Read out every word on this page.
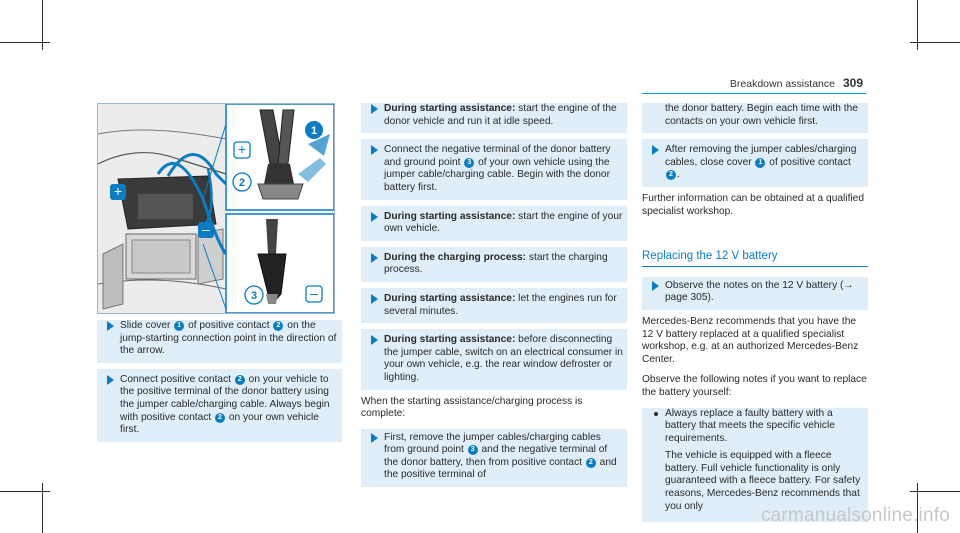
Breakdown assistance 309
+
+
2
1
–
3	–
Slide cover 1 of positive contact 2 on the jump-starting connection point in the direction of the arrow.
Connect positive contact 2 on your vehicle to the positive terminal of the donor battery using the jumper cable/charging cable. Always begin with positive contact 2 on your own vehicle first.
During starting assistance: start the engine of the donor vehicle and run it at idle speed.
Connect the negative terminal of the donor battery and ground point 3 of your own vehicle using the jumper cable/charging cable. Begin with the donor battery first.
During starting assistance: start the engine of your own vehicle.
During the charging process: start the charging process.
During starting assistance: let the engines run for several minutes.
During starting assistance: before disconnecting the jumper cable, switch on an electrical consumer in your own vehicle, e.g. the rear window defroster or lighting.

When the starting assistance/charging process is complete:

First, remove the jumper cables/charging cables from ground point 3 and the negative terminal of the donor battery, then from positive contact 2 and the positive terminal of
the donor battery. Begin each time with the contacts on your own vehicle first.
After removing the jumper cables/charging cables, close cover 1 of positive contact 2 .

Further information can be obtained at a qualified specialist workshop.

Replacing the 12 V battery
Observe the notes on the 12 V battery (→ page 305).

Mercedes-Benz recommends that you have the 12 V battery replaced at a qualified specialist workshop, e.g. at an authorized Mercedes-Benz Center.

Observe the following notes if you want to replace the battery yourself:

Always replace a faulty battery with a battery that meets the specific vehicle requirements.
The vehicle is equipped with a fleece battery. Full vehicle functionality is only guaranteed with a fleece battery. For safety reasons, Mercedes-Benz recommends that you only	carmanualsonline.info
